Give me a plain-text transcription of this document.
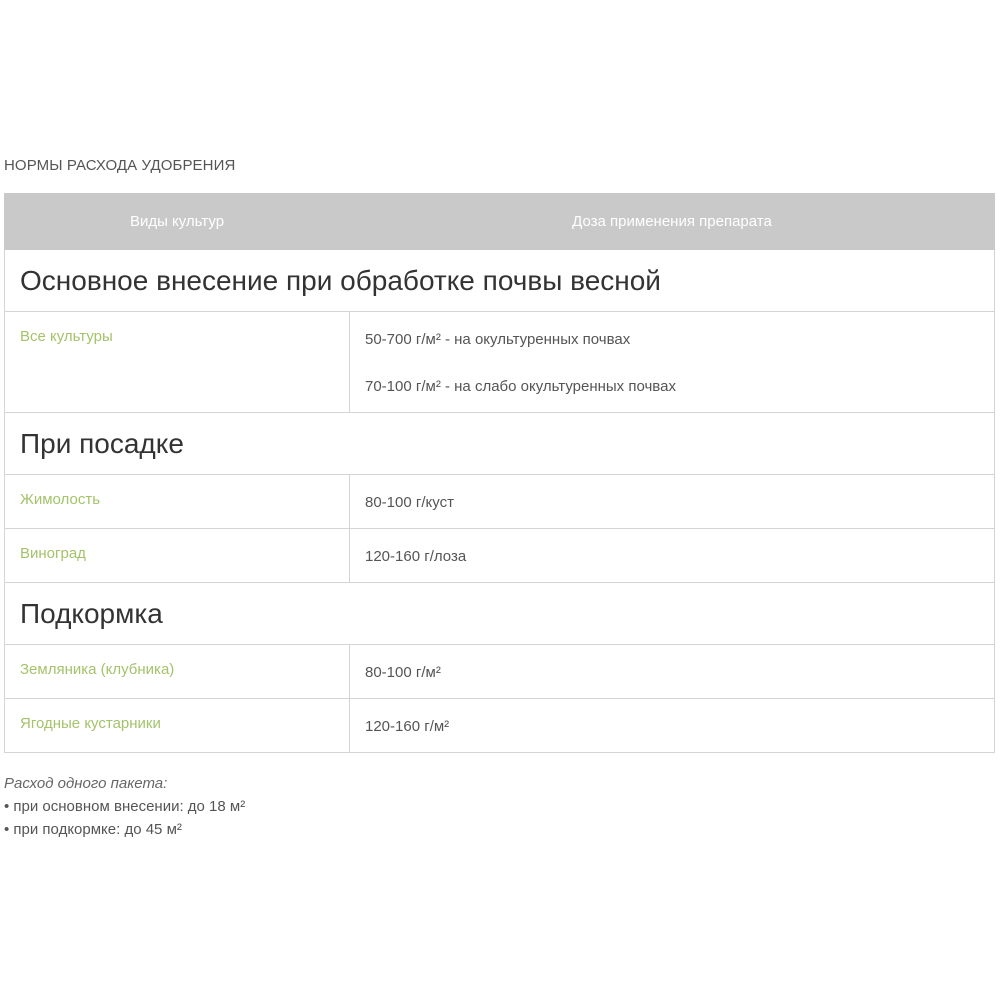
НОРМЫ РАСХОДА УДОБРЕНИЯ
Виды культур	Доза применения препарата
Основное внесение при обработке почвы весной	

Все культуры	50-700 г/м² - на окультуренных почвах
70-100 г/м² - на слабо окультуренных почвах

При посадке	

Жимолость	80-100 г/куст

Виноград	120-160 г/лоза

Подкормка	

Земляника (клубника)	80-100 г/м²

Ягодные кустарники	120-160 г/м²
Расход одного пакета:
• при основном внесении: до 18 м²
• при подкормке: до 45 м²
